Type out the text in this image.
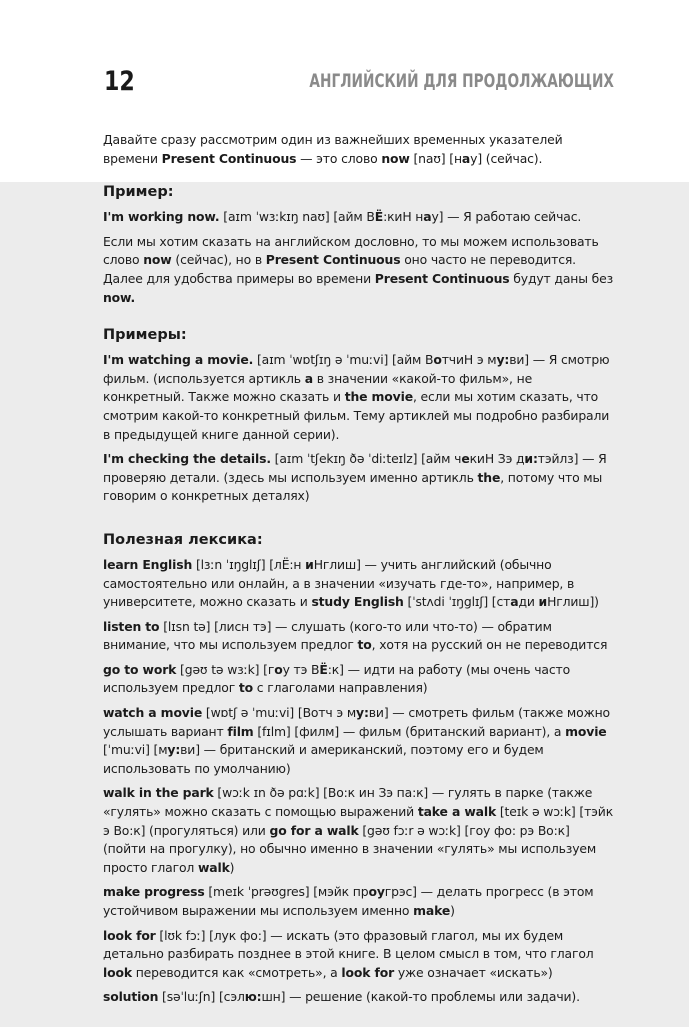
12	АНГЛИЙСКИЙ ДЛЯ ПРОДОЛЖАЮЩИХ

Давайте сразу рассмотрим один из важнейших временных указателей времени Present Continuous — это слово now [naʊ] [нау] (сейчас).

Пример:

I'm working now. [aɪm ˈwɜːkɪŋ naʊ] [айм ВЁ:киН нау] — Я работаю сейчас.

Если мы хотим сказать на английском дословно, то мы можем использовать слово now (сейчас), но в Present Continuous оно часто не переводится. Далее для удобства примеры во времени Present Continuous будут даны без now.

Примеры:

I'm watching a movie. [aɪm ˈwɒtʃɪŋ ə ˈmuːvi] [айм ВотчиН э му:ви] — Я смотрю фильм. (используется артикль a в значении «какой-то фильм», не конкретный. Также можно сказать и the movie, если мы хотим сказать, что смотрим какой-то конкретный фильм. Тему артиклей мы подробно разбирали в предыдущей книге данной серии).

I'm checking the details. [aɪm ˈtʃekɪŋ ðə ˈdiːteɪlz] [айм чекиН Зэ ди:тэйлз] — Я проверяю детали. (здесь мы используем именно артикль the, потому что мы говорим о конкретных деталях)

Полезная лексика:

learn English [lɜːn ˈɪŋglɪʃ] [лЁ:н иНглиш] — учить английский (обычно самостоятельно или онлайн, а в значении «изучать где-то», например, в университете, можно сказать и study English [ˈstʌdi ˈɪŋglɪʃ] [стади иНглиш])

listen to [lɪsn tə] [лисн тэ] — слушать (кого-то или что-то) — обратим внимание, что мы используем предлог to, хотя на русский он не переводится

go to work [gəʊ tə wɜːk] [гоу тэ ВЁ:к] — идти на работу (мы очень часто используем предлог to с глаголами направления)

watch a movie [wɒtʃ ə ˈmuːvi] [Вотч э му:ви] — смотреть фильм (также можно услышать вариант film [fɪlm] [филм] — фильм (британский вариант), а movie [ˈmuːvi] [му:ви] — британский и американский, поэтому его и будем использовать по умолчанию)

walk in the park [wɔːk ɪn ðə pɑːk] [Во:к ин Зэ па:к] — гулять в парке (также «гулять» можно сказать с помощью выражений take a walk [teɪk ə wɔːk] [тэйк э Во:к] (прогуляться) или go for a walk [gəʊ fɔːr ə wɔːk] [гоу фо: рэ Во:к] (пойти на прогулку), но обычно именно в значении «гулять» мы используем просто глагол walk)

make progress [meɪk ˈprəʊgres] [мэйк проугрэс] — делать прогресс (в этом устойчивом выражении мы используем именно make)

look for [lʊk fɔː] [лук фо:] — искать (это фразовый глагол, мы их будем детально разбирать позднее в этой книге. В целом смысл в том, что глагол look переводится как «смотреть», а look for уже означает «искать»)

solution [səˈluːʃn] [сэлю:шн] — решение (какой-то проблемы или задачи).
